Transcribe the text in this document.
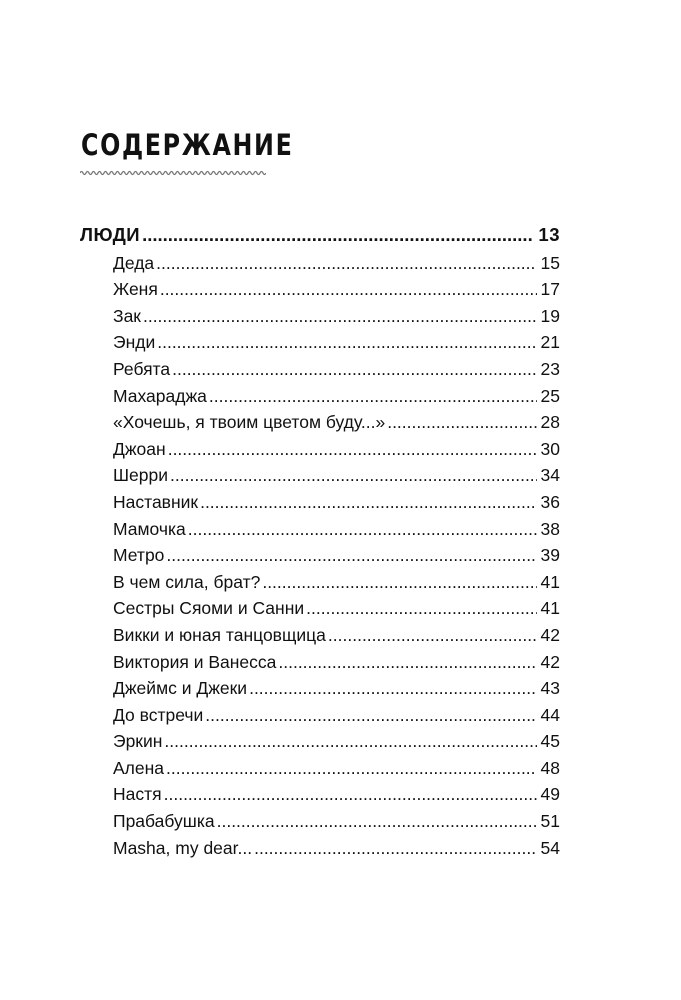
СОДЕРЖАНИЕ
ЛЮДИ .....	13
Деда .....	15
Женя .....	17
Зак .....	19
Энди .....	21
Ребята .....	23
Махараджа .....	25
«Хочешь, я твоим цветом буду...» .....	28
Джоан .....	30
Шерри .....	34
Наставник .....	36
Мамочка .....	38
Метро .....	39
В чем сила, брат? .....	41
Сестры Сяоми и Санни .....	41
Викки и юная танцовщица .....	42
Виктория и Ванесса .....	42
Джеймс и Джеки .....	43
До встречи .....	44
Эркин .....	45
Алена .....	48
Настя .....	49
Прабабушка .....	51
Masha, my dear... .....	54
